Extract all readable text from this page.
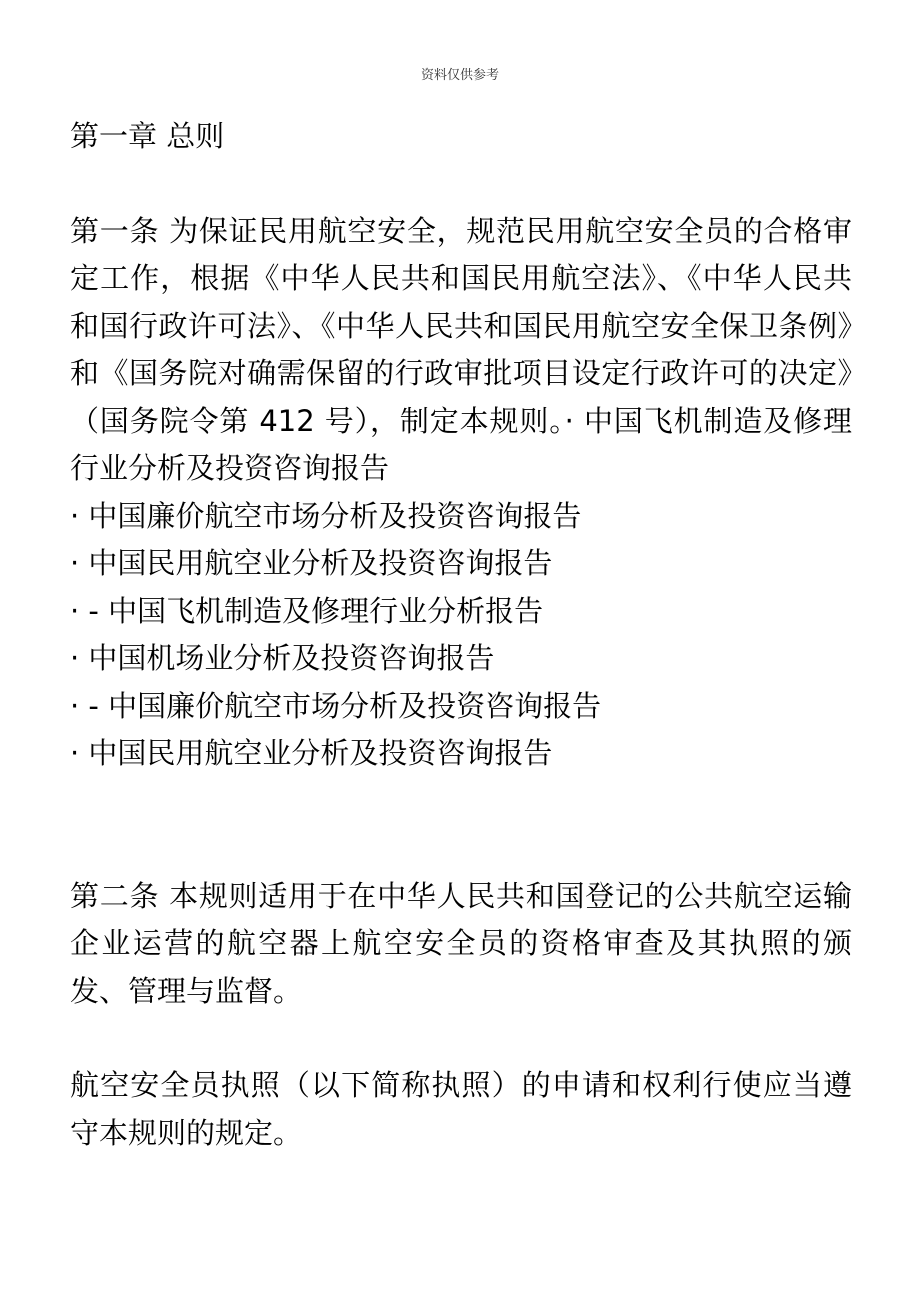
资料仅供参考
zixin.com.cn

第一章 总则

第一条 为保证民用航空安全，规范民用航空安全员的合格审定工作，根据《中华人民共和国民用航空法》、《中华人民共和国行政许可法》、《中华人民共和国民用航空安全保卫条例》和《国务院对确需保留的行政审批项目设定行政许可的决定》（国务院令第 412 号），制定本规则。· 中国飞机制造及修理行业分析及投资咨询报告

· 中国廉价航空市场分析及投资咨询报告
· 中国民用航空业分析及投资咨询报告
· - 中国飞机制造及修理行业分析报告
· 中国机场业分析及投资咨询报告
· - 中国廉价航空市场分析及投资咨询报告
· 中国民用航空业分析及投资咨询报告

第二条 本规则适用于在中华人民共和国登记的公共航空运输企业运营的航空器上航空安全员的资格审查及其执照的颁发、管理与监督。

航空安全员执照（以下简称执照）的申请和权利行使应当遵守本规则的规定。
